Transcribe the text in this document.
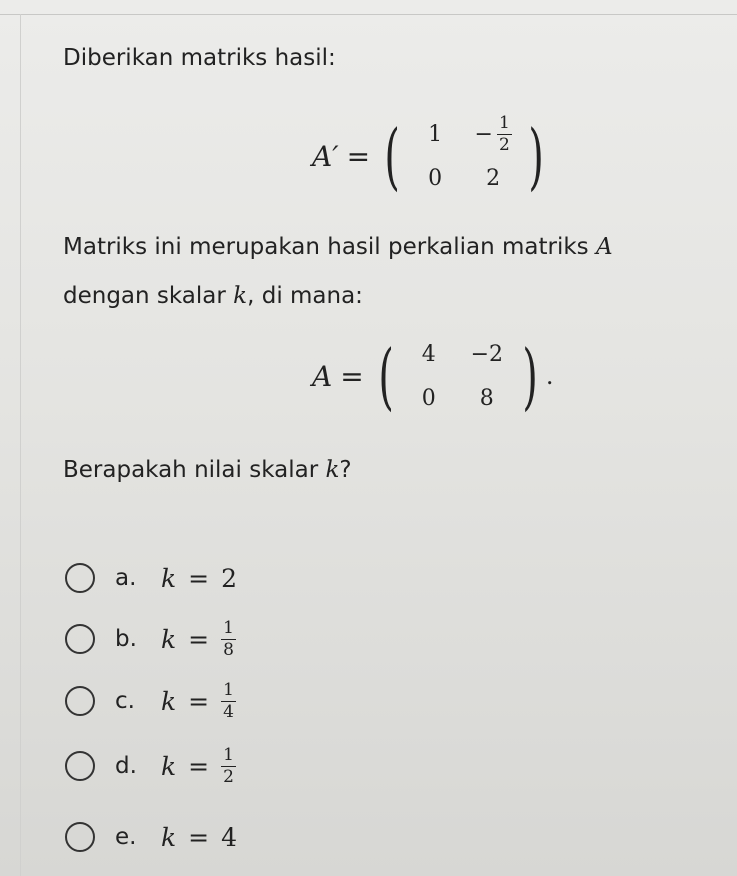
Diberikan matriks hasil:
A′ = ( $1 - \frac{1}{2}$
0 2 )
Matriks ini merupakan hasil perkalian matriks A
dengan skalar k, di mana:
A = ( 4 −2
0 8 ) .
Berapakah nilai skalar k?
a. k = 2
b. $k = \frac{1}{8}$
c.	$k = \frac{1}{4}$
d. $k = \frac{1}{2}$
e. k = 4
